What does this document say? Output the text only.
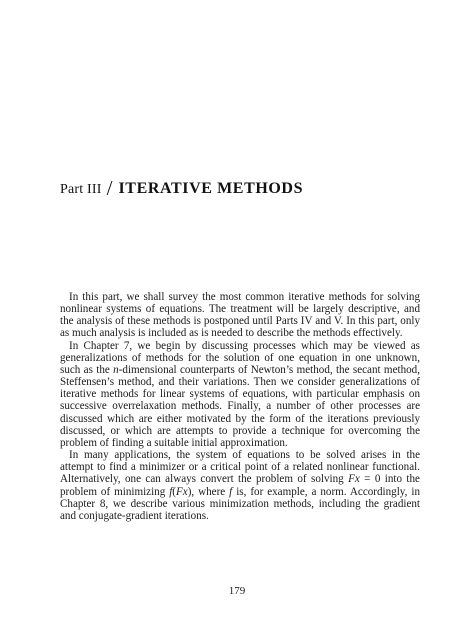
Part III / ITERATIVE METHODS

In this part, we shall survey the most common iterative methods for solving nonlinear systems of equations. The treatment will be largely descriptive, and the analysis of these methods is postponed until Parts IV and V. In this part, only as much analysis is included as is needed to describe the methods effectively.

In Chapter 7, we begin by discussing processes which may be viewed as generalizations of methods for the solution of one equation in one unknown, such as the n-dimensional counterparts of Newton’s method, the secant method, Steffensen’s method, and their variations. Then we consider generalizations of iterative methods for linear systems of equations, with particular emphasis on successive overrelaxation methods. Finally, a number of other processes are discussed which are either motivated by the form of the iterations previously discussed, or which are attempts to provide a technique for overcoming the problem of finding a suitable initial approximation.

In many applications, the system of equations to be solved arises in the attempt to find a minimizer or a critical point of a related nonlinear functional. Alternatively, one can always convert the problem of solving Fx = 0 into the problem of minimizing f(Fx), where f is, for example, a norm. Accordingly, in Chapter 8, we describe various minimization methods, including the gradient and conjugate-gradient iterations.

179
